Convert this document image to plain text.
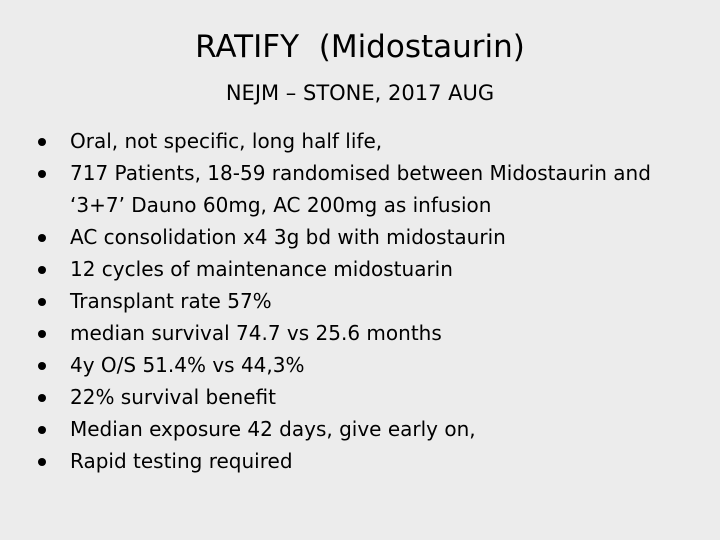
RATIFY  (Midostaurin)
NEJM – STONE, 2017 AUG
Oral, not specific, long half life,
717 Patients, 18-59 randomised between Midostaurin and ‘3+7’ Dauno 60mg, AC 200mg as infusion
AC consolidation x4 3g bd with midostaurin
12 cycles of maintenance midostuarin
Transplant rate 57%
median survival 74.7 vs 25.6 months
4y O/S 51.4% vs 44,3%
22% survival benefit
Median exposure 42 days, give early on,
Rapid testing required
